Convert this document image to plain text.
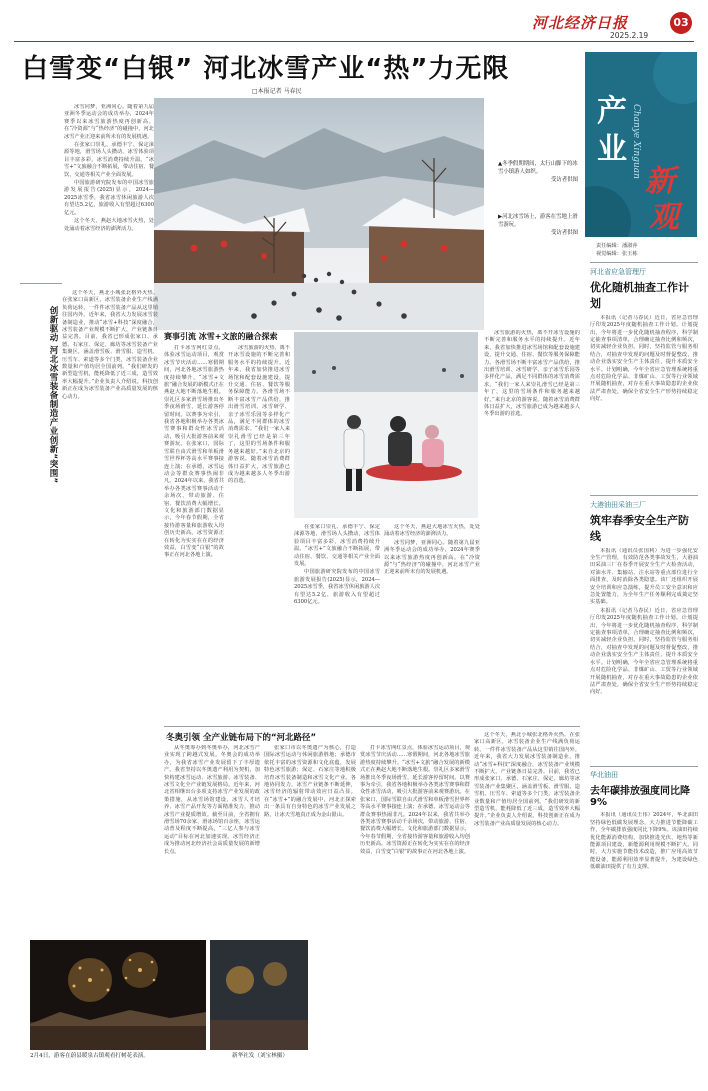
河北经济日报	03
2025.2.19
白雪变“白银” 河北冰雪产业“热”力无限
□本报记者 马春民
产
业
新
观
Chanye Xinguan
责任编辑：潘淑萍
视觉编辑：张玉栋

冰雪同梦，亚洲同心。随着第九届亚洲冬季运动会的成功举办，2024年赛季以来冰雪旅游热度再创新高。在“冷资源”与“热经济”的碰撞中，河北冰雪产业正迎来前所未有的发展机遇。

在张家口崇礼、承德丰宁、保定涞源等地，滑雪场人头攒动，冰雪体验项目丰富多彩，冰雪消费持续升温。“冰雪+”文旅融合不断拓展，带动住宿、餐饮、交通等相关产业全面发展。

中国旅游研究院发布的中国冰雪旅游发展报告(2025)显示，2024—2025冰雪季，我省冰雪休闲旅游人次有望达5.2亿，旅游收入有望超过6300亿元。

这个冬天，燕赵大地冰雪火热，处处涌动着冰雪经济的澎湃活力。

▲冬季假期期间，太行山脚下的冰雪小镇游人如织。

受访者供图
▶河北冰雪场上，游客在雪地上滑雪游玩。

受访者供图
创新驱动 河北冰雪装备制造产业创新“突围”

这个冬天，燕北小城张北格外火热。在张家口高新区，冰雪装备企业生产线满负荷运转，一件件冰雪装备产品从这里销往国内外。近年来，我省大力发展冰雪装备制造业，推动“冰雪+科技”深度融合，冰雪装备产业规模不断扩大，产业链条日益完善。目前，我省已形成张家口、承德、石家庄、保定、廊坊等冰雪装备产业集聚区，涵盖滑雪板、滑雪服、造雪机、压雪车、索道等多个门类，冰雪装备企业数量和产值均居全国前列。“我们研发的新型造雪机，能耗降低了近三成，造雪效率大幅提升。”企业负责人介绍说。科技创新正在成为冰雪装备产业高质量发展的核心动力。

赛事引流 冰雪+文旅的融合探索

打卡冰雪网红景点，体验冰雪运动项目，观赏冰雪节庆活动……寒假期间，河北各地冰雪旅游热度持续攀升。“冰雪+文旅”融合发展的新模式正在燕赵大地不断落地生根。崇礼区多家滑雪场推出冬季夜场滑雪，延长游客停留时间。以赛事为牵引，我省各地积极举办各类冰雪赛事和群众性冰雪活动，吸引大批游客前来观赛游玩。在张家口，国际雪联自由式滑雪和单板滑雪世界杯等高水平赛事接连上演；在承德，冰雪运动会等群众赛事热闹非凡。2024年以来，我省共举办各类冰雪赛事活动千余场次，带动旅游、住宿、餐饮消费大幅增长。文化和旅游部门数据显示，今年春节假期，全省接待游客量和旅游收入均创历史新高。冰雪资源正在转化为实实在在的经济效益，白雪变“白银”的故事正在河北各地上演。

冰雪旅游的火热，离不开冰雪设施的不断完善和服务水平的持续提升。近年来，我省加快推进冰雪场馆和配套设施建设，提升交通、住宿、餐饮等服务保障能力。各滑雪场不断丰富冰雪产品供给，推出滑雪培训、冰雪研学、亲子冰雪乐园等多样化产品，满足不同群体的冰雪消费需求。“我们一家人来崇礼滑雪已经是第三年了，这里的雪场条件和服务越来越好。”来自北京的游客说。随着冰雪消费群体日益扩大，冰雪旅游已成为越来越多人冬季出游的首选。

在张家口崇礼、承德丰宁、保定涞源等地，滑雪场人头攒动，冰雪体验项目丰富多彩，冰雪消费持续升温。“冰雪+”文旅融合不断拓展，带动住宿、餐饮、交通等相关产业全面发展。

中国旅游研究院发布的中国冰雪旅游发展报告(2025)显示，2024—2025冰雪季，我省冰雪休闲旅游人次有望达5.2亿，旅游收入有望超过6300亿元。

这个冬天，燕赵大地冰雪火热，处处涌动着冰雪经济的澎湃活力。

冰雪同梦，亚洲同心。随着第九届亚洲冬季运动会的成功举办，2024年赛季以来冰雪旅游热度再创新高。在“冷资源”与“热经济”的碰撞中，河北冰雪产业正迎来前所未有的发展机遇。

冰雪旅游的火热，离不开冰雪设施的不断完善和服务水平的持续提升。近年来，我省加快推进冰雪场馆和配套设施建设，提升交通、住宿、餐饮等服务保障能力。各滑雪场不断丰富冰雪产品供给，推出滑雪培训、冰雪研学、亲子冰雪乐园等多样化产品，满足不同群体的冰雪消费需求。“我们一家人来崇礼滑雪已经是第三年了，这里的雪场条件和服务越来越好。”来自北京的游客说。随着冰雪消费群体日益扩大，冰雪旅游已成为越来越多人冬季出游的首选。

冬奥引领 全产业链布局下的“河北路径”

从冬奥筹办到冬奥举办，河北冰雪产业实现了跨越式发展。冬奥会的成功举办，为我省冰雪产业发展留下了丰厚遗产。我省坚持以冬奥遗产利用为契机，加快构建冰雪运动、冰雪旅游、冰雪装备、冰雪文化全产业链发展格局。近年来，河北省相继出台多项支持冰雪产业发展的政策措施，从冰雪场馆建设、冰雪人才培养、冰雪产品开发等方面精准发力，推动冰雪产业提质增效。截至目前，全省拥有滑雪场70余家、滑冰场馆百余座，冰雪运动普及程度不断提高，“三亿人参与冰雪运动”目标在河北加速实现。冰雪经济正成为推动河北经济社会高质量发展的新增长点。

张家口市以冬奥遗产为核心，打造国际冰雪运动与休闲旅游胜地；承德市依托丰富的冰雪资源和文化底蕴，发展特色冰雪旅游；保定、石家庄等地积极培育冰雪装备制造和冰雪文化产业。各地协同发力，冰雪产业链条不断延伸，冰雪经济的辐射带动效应日益凸显。在“冰雪+”的融合发展中，河北正探索出一条具有自身特色的冰雪产业发展之路，让冰天雪地真正成为金山银山。

打卡冰雪网红景点，体验冰雪运动项目，观赏冰雪节庆活动……寒假期间，河北各地冰雪旅游热度持续攀升。“冰雪+文旅”融合发展的新模式正在燕赵大地不断落地生根。崇礼区多家滑雪场推出冬季夜场滑雪，延长游客停留时间。以赛事为牵引，我省各地积极举办各类冰雪赛事和群众性冰雪活动，吸引大批游客前来观赛游玩。在张家口，国际雪联自由式滑雪和单板滑雪世界杯等高水平赛事接连上演；在承德，冰雪运动会等群众赛事热闹非凡。2024年以来，我省共举办各类冰雪赛事活动千余场次，带动旅游、住宿、餐饮消费大幅增长。文化和旅游部门数据显示，今年春节假期，全省接待游客量和旅游收入均创历史新高。冰雪资源正在转化为实实在在的经济效益，白雪变“白银”的故事正在河北各地上演。

这个冬天，燕北小城张北格外火热。在张家口高新区，冰雪装备企业生产线满负荷运转，一件件冰雪装备产品从这里销往国内外。近年来，我省大力发展冰雪装备制造业，推动“冰雪+科技”深度融合，冰雪装备产业规模不断扩大，产业链条日益完善。目前，我省已形成张家口、承德、石家庄、保定、廊坊等冰雪装备产业集聚区，涵盖滑雪板、滑雪服、造雪机、压雪车、索道等多个门类，冰雪装备企业数量和产值均居全国前列。“我们研发的新型造雪机，能耗降低了近三成，造雪效率大幅提升。”企业负责人介绍说。科技创新正在成为冰雪装备产业高质量发展的核心动力。

2月4日，游客在蔚县暖泉古镇观看打树花表演。	新华社发（刘宝林摄）
河北省应急管理厅
优化随机抽查工作计划

本报讯（记者马春民）近日，省应急管理厅印发2025年度随机抽查工作计划。计划提出，今年将进一步优化随机抽查程序，科学制定抽查事项清单，合理确定抽查比例和频次，切实减轻企业负担。同时，坚持监管与服务相结合，对抽查中发现的问题及时督促整改，推动企业落实安全生产主体责任，提升本质安全水平。计划明确，今年全省应急管理系统将重点对危险化学品、非煤矿山、工贸等行业领域开展随机抽查，对存在重大事故隐患的企业依法严肃查处，确保全省安全生产形势持续稳定向好。

大港油田采油三厂
筑牢春季安全生产防线

本报讯（通讯员张国利）为进一步强化安全生产管理，有效防范各类事故发生，大港油田采油三厂在春季开展安全生产大检查活动，对油水井、集输站、注水站等重点部位进行全面排查，及时消除各类隐患。该厂还组织开展安全培训和应急演练，提升员工安全意识和应急处置能力，为全年生产任务顺利完成奠定坚实基础。

本报讯（记者马春民）近日，省应急管理厅印发2025年度随机抽查工作计划。计划提出，今年将进一步优化随机抽查程序，科学制定抽查事项清单，合理确定抽查比例和频次，切实减轻企业负担。同时，坚持监管与服务相结合，对抽查中发现的问题及时督促整改，推动企业落实安全生产主体责任，提升本质安全水平。计划明确，今年全省应急管理系统将重点对危险化学品、非煤矿山、工贸等行业领域开展随机抽查，对存在重大事故隐患的企业依法严肃查处，确保全省安全生产形势持续稳定向好。

华北油田
去年碳排放强度同比降9%

本报讯（通讯员王伟）2024年，华北油田坚持绿色低碳发展理念，大力推进节能降碳工作，全年碳排放强度同比下降9%。该油田持续优化能源消费结构，加快推进光伏、地热等新能源项目建设，新能源利用规模不断扩大。同时，大力实施节能技术改造，推广应用高效节能设备，能源利用效率显著提升，为建设绿色低碳油田提供了有力支撑。
